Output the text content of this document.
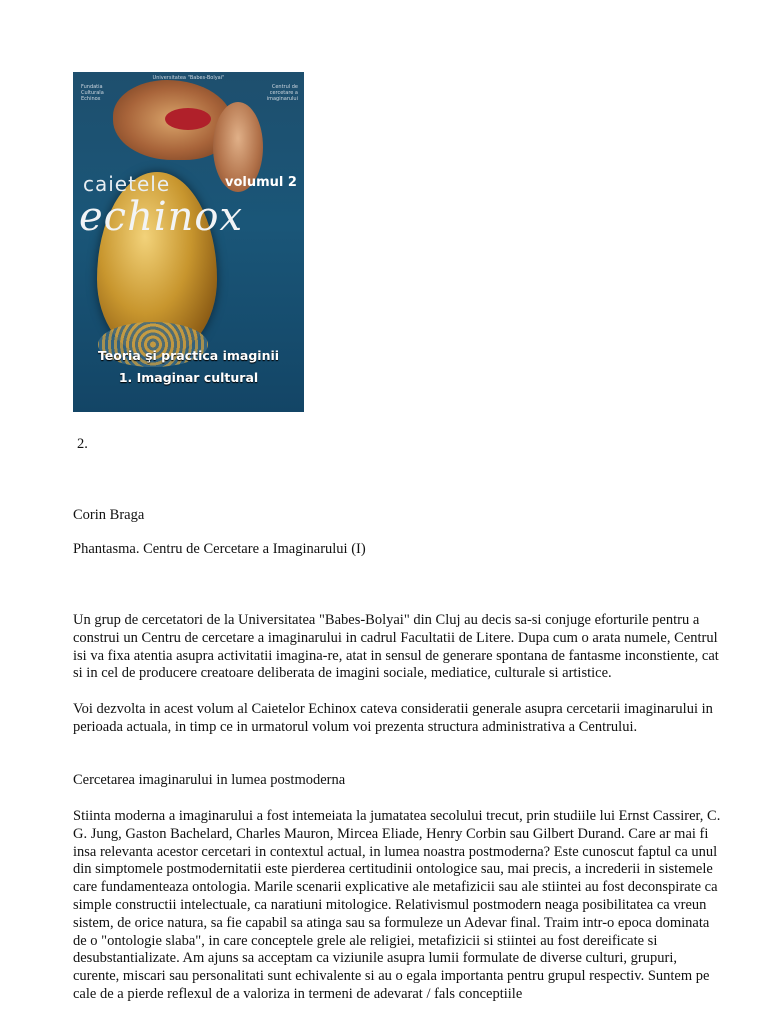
Universitatea "Babes-Bolyai"
Fundatia Culturala Echinox
Centrul de cercetare a imaginarului
caietele	volumul 2
echinox
Teoria şi practica imaginii
1. Imaginar cultural
2.

Corin Braga

Phantasma. Centru de Cercetare a Imaginarului (I)

Un grup de cercetatori de la Universitatea "Babes-Bolyai" din Cluj au decis sa-si conjuge eforturile pentru a construi un Centru de cercetare a imaginarului in cadrul Facultatii de Litere. Dupa cum o arata numele, Centrul isi va fixa atentia asupra activitatii imagina-re, atat in sensul de generare spontana de fantasme inconstiente, cat si in cel de producere creatoare deliberata de imagini sociale, mediatice, culturale si artistice.

Voi dezvolta in acest volum al Caietelor Echinox cateva consideratii generale asupra cercetarii imaginarului in perioada actuala, in timp ce in urmatorul volum voi prezenta structura administrativa a Centrului.

Cercetarea imaginarului in lumea postmoderna

Stiinta moderna a imaginarului a fost intemeiata la jumatatea secolului trecut, prin studiile lui Ernst Cassirer, C. G. Jung, Gaston Bachelard, Charles Mauron, Mircea Eliade, Henry Corbin sau Gilbert Durand. Care ar mai fi insa relevanta acestor cercetari in contextul actual, in lumea noastra postmoderna? Este cunoscut faptul ca unul din simptomele postmodernitatii este pierderea certitudinii ontologice sau, mai precis, a increderii in sistemele care fundamenteaza ontologia. Marile scenarii explicative ale metafizicii sau ale stiintei au fost deconspirate ca simple constructii intelectuale, ca naratiuni mitologice. Relativismul postmodern neaga posibilitatea ca vreun sistem, de orice natura, sa fie capabil sa atinga sau sa formuleze un Adevar final. Traim intr-o epoca dominata de o "ontologie slaba", in care conceptele grele ale religiei, metafizicii si stiintei au fost dereificate si desubstantializate. Am ajuns sa acceptam ca viziunile asupra lumii formulate de diverse culturi, grupuri, curente, miscari sau personalitati sunt echivalente si au o egala importanta pentru grupul respectiv. Suntem pe cale de a pierde reflexul de a valoriza in termeni de adevarat / fals conceptiile
